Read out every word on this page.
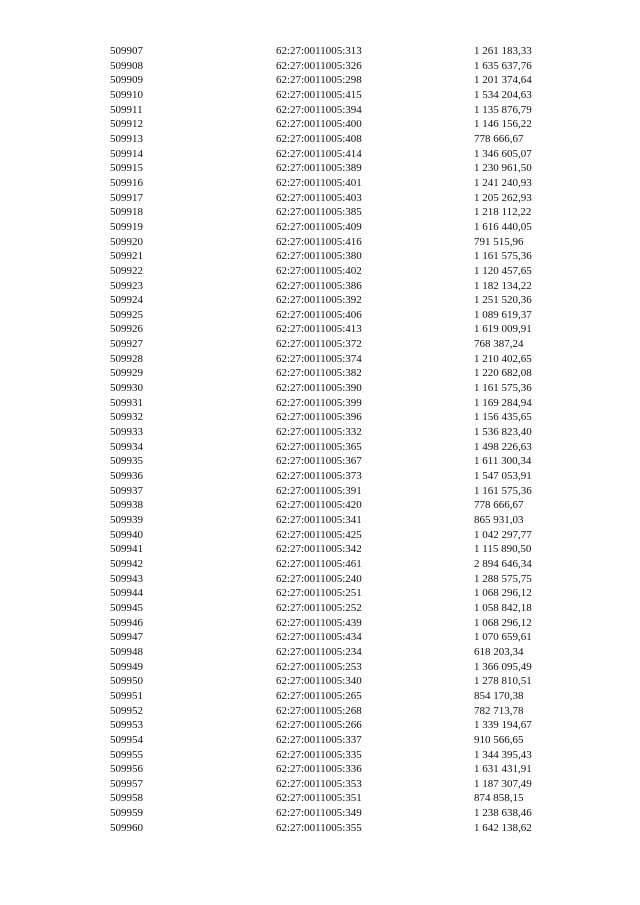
509907	62:27:0011005:313	1 261 183,33
509908	62:27:0011005:326	1 635 637,76
509909	62:27:0011005:298	1 201 374,64
509910	62:27:0011005:415	1 534 204,63
509911	62:27:0011005:394	1 135 876,79
509912	62:27:0011005:400	1 146 156,22
509913	62:27:0011005:408	778 666,67
509914	62:27:0011005:414	1 346 605,07
509915	62:27:0011005:389	1 230 961,50
509916	62:27:0011005:401	1 241 240,93
509917	62:27:0011005:403	1 205 262,93
509918	62:27:0011005:385	1 218 112,22
509919	62:27:0011005:409	1 616 440,05
509920	62:27:0011005:416	791 515,96
509921	62:27:0011005:380	1 161 575,36
509922	62:27:0011005:402	1 120 457,65
509923	62:27:0011005:386	1 182 134,22
509924	62:27:0011005:392	1 251 520,36
509925	62:27:0011005:406	1 089 619,37
509926	62:27:0011005:413	1 619 009,91
509927	62:27:0011005:372	768 387,24
509928	62:27:0011005:374	1 210 402,65
509929	62:27:0011005:382	1 220 682,08
509930	62:27:0011005:390	1 161 575,36
509931	62:27:0011005:399	1 169 284,94
509932	62:27:0011005:396	1 156 435,65
509933	62:27:0011005:332	1 536 823,40
509934	62:27:0011005:365	1 498 226,63
509935	62:27:0011005:367	1 611 300,34
509936	62:27:0011005:373	1 547 053,91
509937	62:27:0011005:391	1 161 575,36
509938	62:27:0011005:420	778 666,67
509939	62:27:0011005:341	865 931,03
509940	62:27:0011005:425	1 042 297,77
509941	62:27:0011005:342	1 115 890,50
509942	62:27:0011005:461	2 894 646,34
509943	62:27:0011005:240	1 288 575,75
509944	62:27:0011005:251	1 068 296,12
509945	62:27:0011005:252	1 058 842,18
509946	62:27:0011005:439	1 068 296,12
509947	62:27:0011005:434	1 070 659,61
509948	62:27:0011005:234	618 203,34
509949	62:27:0011005:253	1 366 095,49
509950	62:27:0011005:340	1 278 810,51
509951	62:27:0011005:265	854 170,38
509952	62:27:0011005:268	782 713,78
509953	62:27:0011005:266	1 339 194,67
509954	62:27:0011005:337	910 566,65
509955	62:27:0011005:335	1 344 395,43
509956	62:27:0011005:336	1 631 431,91
509957	62:27:0011005:353	1 187 307,49
509958	62:27:0011005:351	874 858,15
509959	62:27:0011005:349	1 238 638,46
509960	62:27:0011005:355	1 642 138,62
